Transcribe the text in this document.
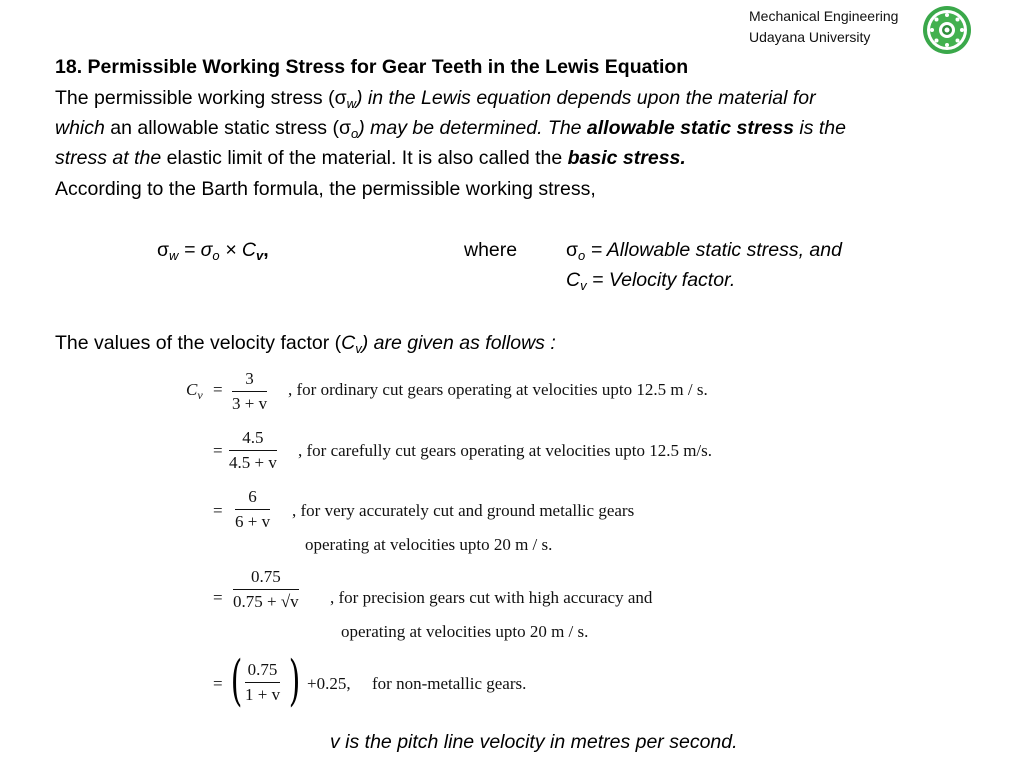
Mechanical Engineering
Udayana University
18. Permissible Working Stress for Gear Teeth in the Lewis Equation
The permissible working stress $(\sigma_w)$ in the Lewis equation depends upon the material for
which an allowable static stress $(\sigma_o)$ may be determined. The allowable static stress is the
stress at the elastic limit of the material. It is also called the basic stress.
According to the Barth formula, the permissible working stress,
$\sigma_w = \sigma_o \times C_v$,	where	$\sigma_o$ = Allowable static stress, and
$C_v$ = Velocity factor.
The values of the velocity factor $(C_v)$ are given as follows :
$C_v = \frac{3}{3 + v}$ , for ordinary cut gears operating at velocities upto 12.5 m / s.
= $\frac{4.5}{4.5 + v}$ , for carefully cut gears operating at velocities upto 12.5 m/s.
= $\frac{6}{6 + v}$ , for very accurately cut and ground metallic gears
operating at velocities upto 20 m / s.
= $\frac{0.75}{0.75 + √v}$ , for precision gears cut with high accuracy and
operating at velocities upto 20 m / s.
= ( $\frac{0.75}{1 + v}$ ) +0.25, for non-metallic gears.
v is the pitch line velocity in metres per second.
